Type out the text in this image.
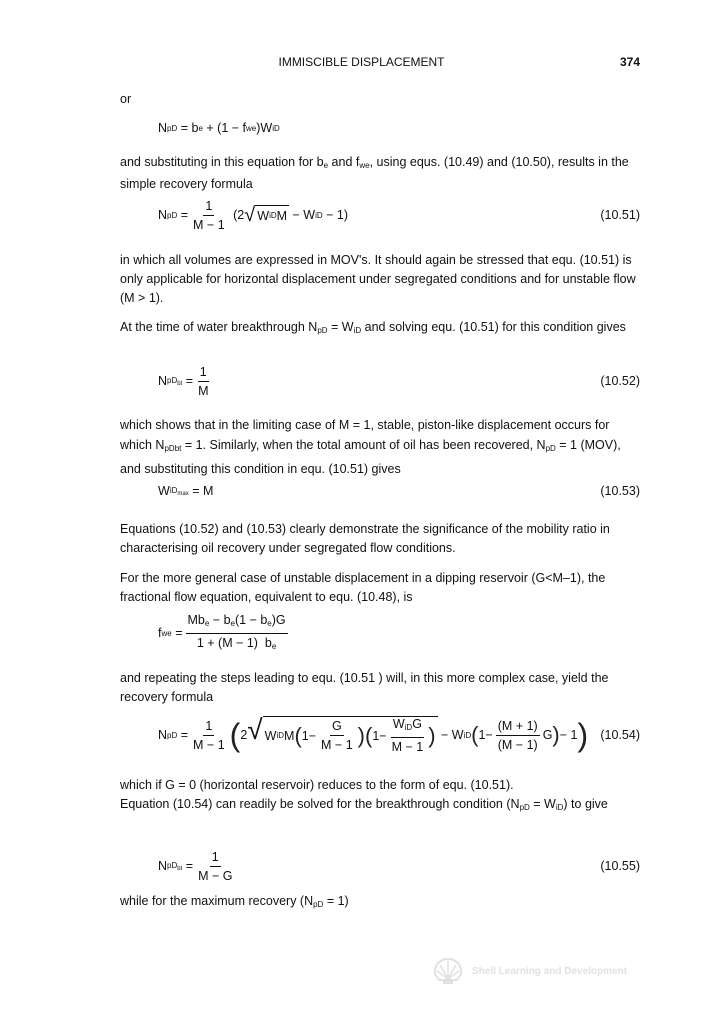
IMMISCIBLE DISPLACEMENT	374

or

N pD = b e + (1 − f we )W iD

and substituting in this equation for $b_e$ and $f_{we}$, using equs. (10.49) and (10.50), results in the simple recovery formula

N pD = $\frac{1}{M - 1} (2$ √ W iD M − W iD − 1)	(10.51)

in which all volumes are expressed in MOV's. It should again be stressed that equ. (10.51) is only applicable for horizontal displacement under segregated conditions and for unstable flow (M > 1).

At the time of water breakthrough $N_{pD} = W_{iD}$ and solving equ. (10.51) for this condition gives

N $pD_{bt} = \frac{1}{M}$	(10.52)

which shows that in the limiting case of M = 1, stable, piston-like displacement occurs for which $N_{pDbt} = 1$. Similarly, when the total amount of oil has been recovered, $N_{pD} = 1$ (MOV), and substituting this condition in equ. (10.51) gives

W $iD_{max} = M$	(10.53)

Equations (10.52) and (10.53) clearly demonstrate the significance of the mobility ratio in characterising oil recovery under segregated flow conditions.

For the more general case of unstable displacement in a dipping reservoir (G<M–1), the fractional flow equation, equivalent to equ. (10.48), is

f we = $\frac{Mb_e - b_e(1 - b_e)G}{1 + (M - 1) b_e}$

and repeating the steps leading to equ. (10.51 ) will, in this more complex case, yield the recovery formula

N pD = $\frac{1}{M - 1}$ ( 2 √ W iD M ( $1- \frac{G}{M - 1}$ )( $1- \frac{W_{iD}G}{M - 1}$ ) − W iD ( $1- \frac{(M + 1)}{(M - 1)}$ G ) − 1 ) (10.54)

which if G = 0 (horizontal reservoir) reduces to the form of equ. (10.51).
Equation (10.54) can readily be solved for the breakthrough condition $(N_{pD} = W_{iD})$ to give

N $pD_{bt} = \frac{1}{M - G}$	(10.55)

while for the maximum recovery $(N_{pD} = 1)$

Shell Learning and Development
